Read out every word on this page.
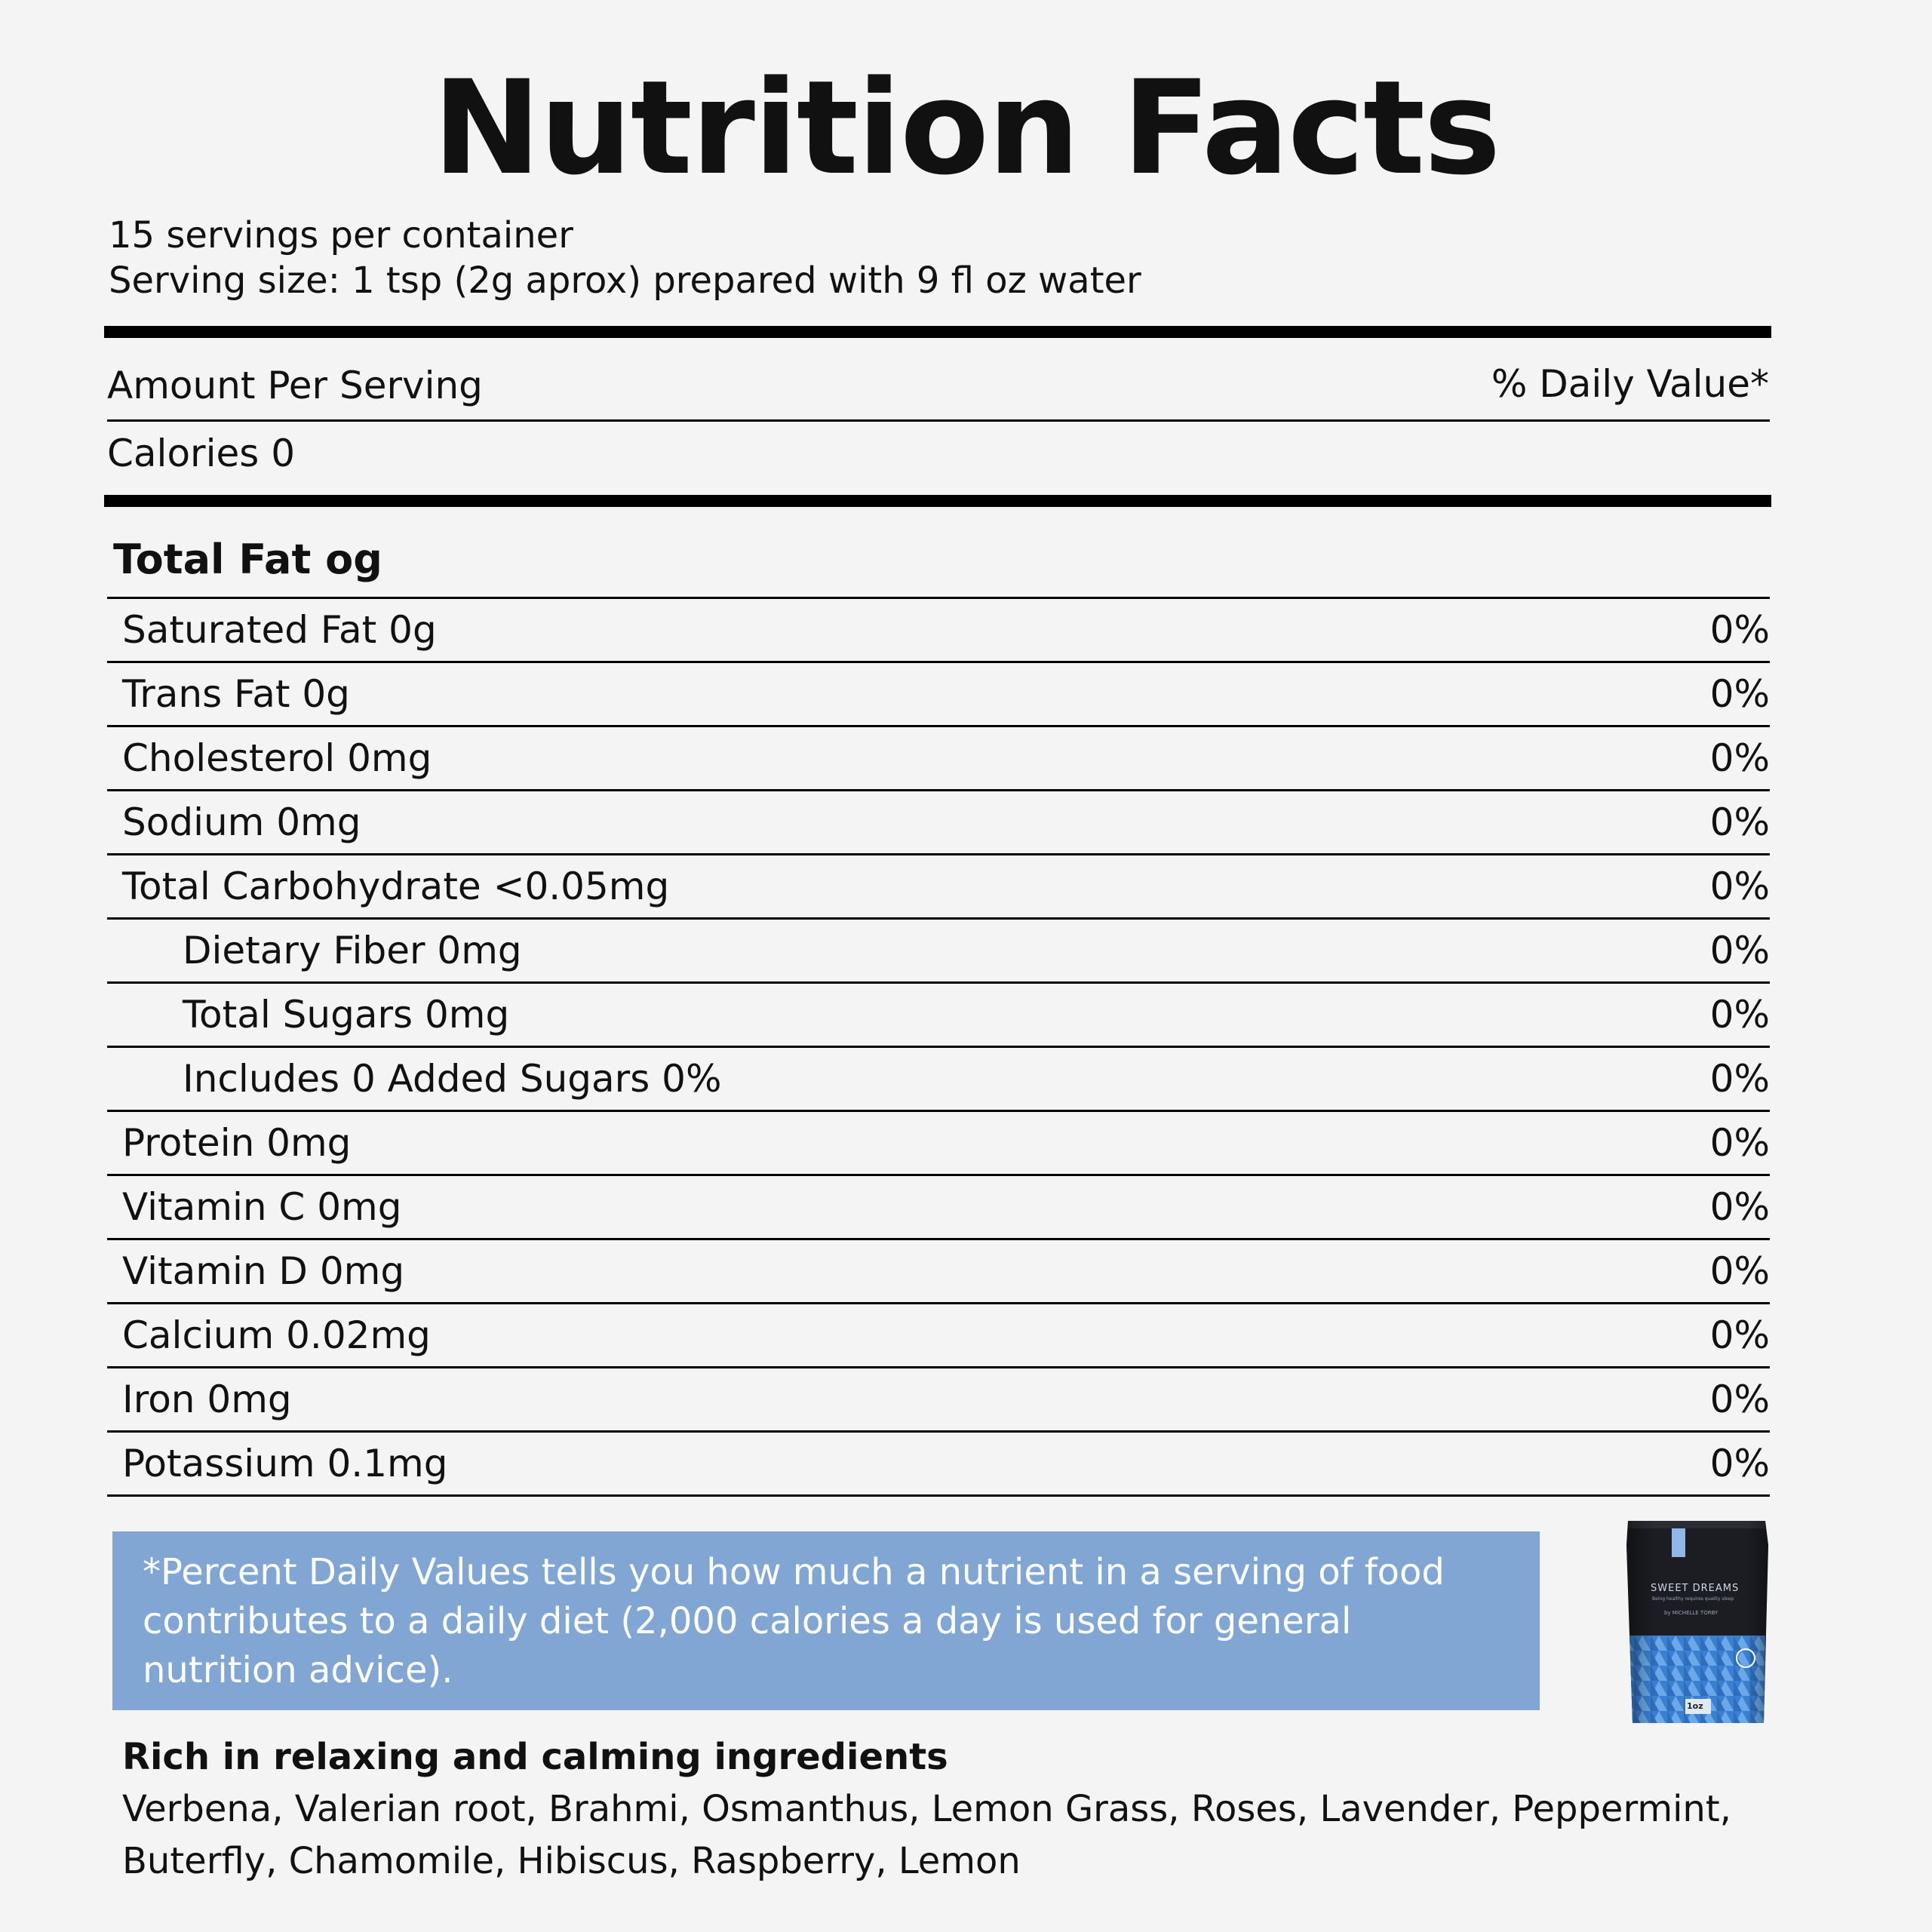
Nutrition Facts
15 servings per container
Serving size: 1 tsp (2g aprox) prepared with 9 fl oz water
Amount Per Serving	% Daily Value*
Calories 0
Total Fat og
Saturated Fat 0g	0%
Trans Fat 0g	0%
Cholesterol 0mg	0%
Sodium 0mg	0%
Total Carbohydrate <0.05mg	0%
Dietary Fiber 0mg	0%
Total Sugars 0mg	0%
Includes 0 Added Sugars 0%	0%
Protein 0mg	0%
Vitamin C 0mg	0%
Vitamin D 0mg	0%
Calcium 0.02mg	0%
Iron 0mg	0%
Potassium 0.1mg	0%
*Percent Daily Values tells you how much a nutrient in a serving of food contributes to a daily diet (2,000 calories a day is used for general nutrition advice).
SWEET DREAMS
Being healthy requires quality sleep
by MICHELLE TORBY
1oz
Rich in relaxing and calming ingredients
Verbena, Valerian root, Brahmi, Osmanthus, Lemon Grass, Roses, Lavender, Peppermint, Buterfly, Chamomile, Hibiscus, Raspberry, Lemon
